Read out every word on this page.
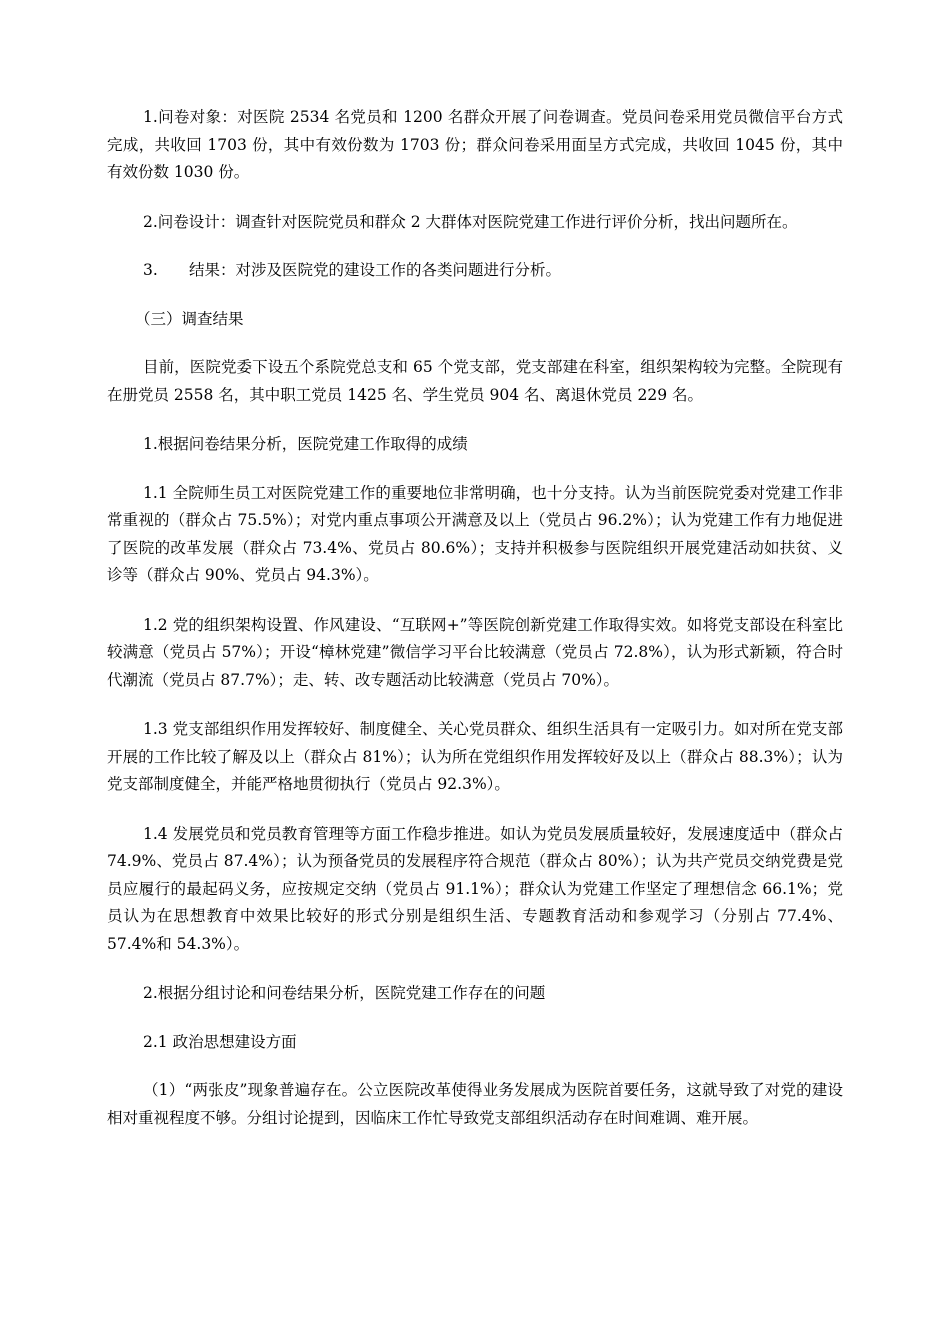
1.问卷对象：对医院 2534 名党员和 1200 名群众开展了问卷调查。党员问卷采用党员微信平台方式完成，共收回 1703 份，其中有效份数为 1703 份；群众问卷采用面呈方式完成，共收回 1045 份，其中有效份数 1030 份。

2.问卷设计：调查针对医院党员和群众 2 大群体对医院党建工作进行评价分析，找出问题所在。

3.	结果：对涉及医院党的建设工作的各类问题进行分析。
（三）调查结果

目前，医院党委下设五个系院党总支和 65 个党支部，党支部建在科室，组织架构较为完整。全院现有在册党员 2558 名，其中职工党员 1425 名、学生党员 904 名、离退休党员 229 名。

1.根据问卷结果分析，医院党建工作取得的成绩

1.1 全院师生员工对医院党建工作的重要地位非常明确，也十分支持。认为当前医院党委对党建工作非常重视的（群众占 75.5%）；对党内重点事项公开满意及以上（党员占 96.2%）；认为党建工作有力地促进了医院的改革发展（群众占 73.4%、党员占 80.6%）；支持并积极参与医院组织开展党建活动如扶贫、义诊等（群众占 90%、党员占 94.3%）。

1.2 党的组织架构设置、作风建设、“互联网+”等医院创新党建工作取得实效。如将党支部设在科室比较满意（党员占 57%）；开设“樟林党建”微信学习平台比较满意（党员占 72.8%），认为形式新颖，符合时代潮流（党员占 87.7%）；走、转、改专题活动比较满意（党员占 70%）。

1.3 党支部组织作用发挥较好、制度健全、关心党员群众、组织生活具有一定吸引力。如对所在党支部开展的工作比较了解及以上（群众占 81%）；认为所在党组织作用发挥较好及以上（群众占 88.3%）；认为党支部制度健全，并能严格地贯彻执行（党员占 92.3%）。

1.4 发展党员和党员教育管理等方面工作稳步推进。如认为党员发展质量较好，发展速度适中（群众占 74.9%、党员占 87.4%）；认为预备党员的发展程序符合规范（群众占 80%）；认为共产党员交纳党费是党员应履行的最起码义务，应按规定交纳（党员占 91.1%）；群众认为党建工作坚定了理想信念 66.1%；党员认为在思想教育中效果比较好的形式分别是组织生活、专题教育活动和参观学习（分别占 77.4%、57.4%和 54.3%）。

2.根据分组讨论和问卷结果分析，医院党建工作存在的问题

2.1 政治思想建设方面

（1）“两张皮”现象普遍存在。公立医院改革使得业务发展成为医院首要任务，这就导致了对党的建设相对重视程度不够。分组讨论提到，因临床工作忙导致党支部组织活动存在时间难调、难开展。
